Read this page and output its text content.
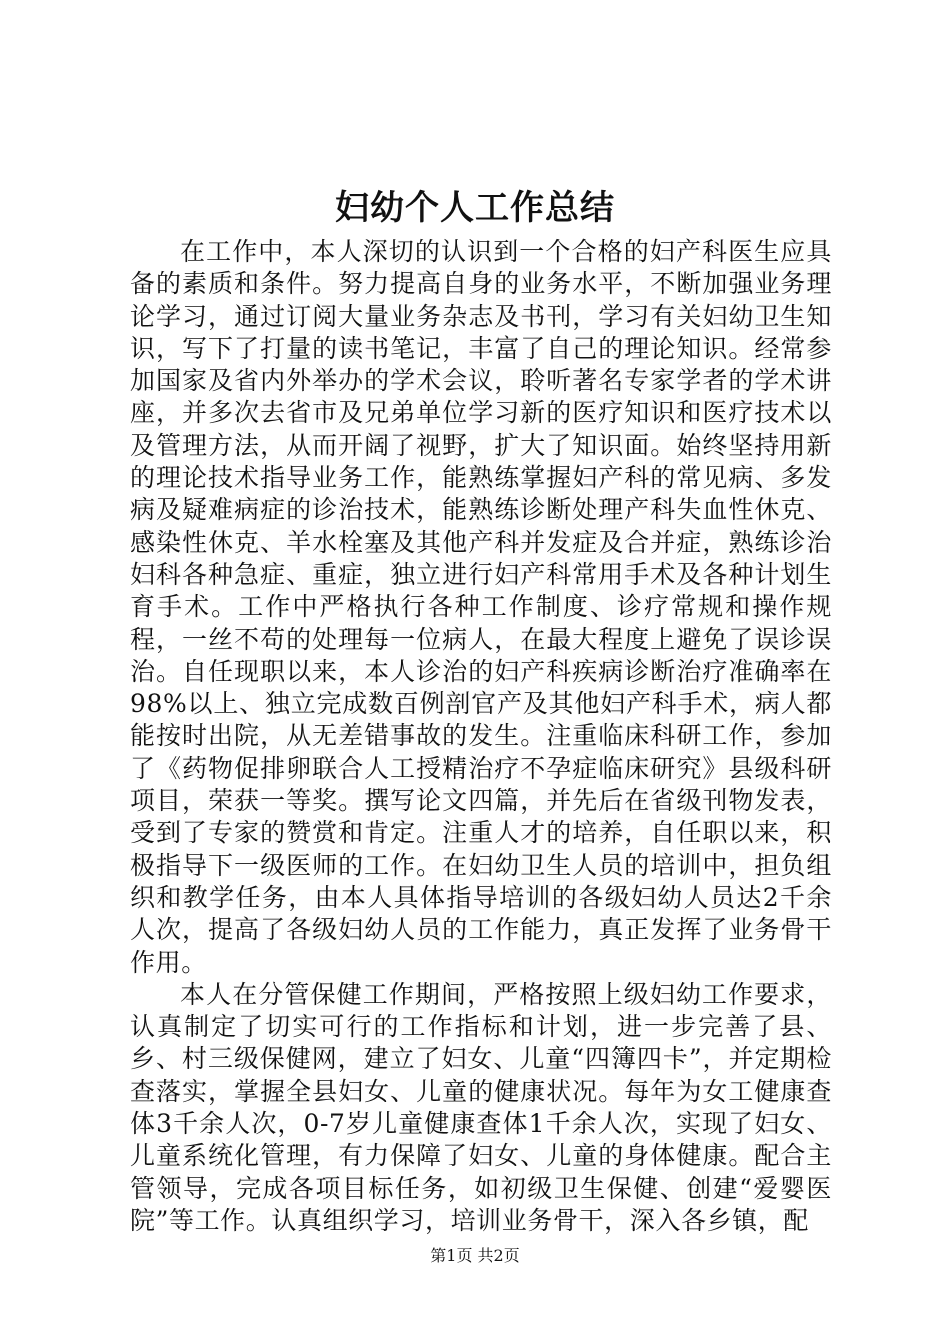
妇幼个人工作总结

在工作中，本人深切的认识到一个合格的妇产科医生应具备的素质和条件。努力提高自身的业务水平，不断加强业务理论学习，通过订阅大量业务杂志及书刊，学习有关妇幼卫生知识，写下了打量的读书笔记，丰富了自己的理论知识。经常参加国家及省内外举办的学术会议，聆听著名专家学者的学术讲座，并多次去省市及兄弟单位学习新的医疗知识和医疗技术以及管理方法，从而开阔了视野，扩大了知识面。始终坚持用新的理论技术指导业务工作，能熟练掌握妇产科的常见病、多发病及疑难病症的诊治技术，能熟练诊断处理产科失血性休克、感染性休克、羊水栓塞及其他产科并发症及合并症，熟练诊治妇科各种急症、重症，独立进行妇产科常用手术及各种计划生育手术。工作中严格执行各种工作制度、诊疗常规和操作规程，一丝不苟的处理每一位病人，在最大程度上避免了误诊误治。自任现职以来，本人诊治的妇产科疾病诊断治疗准确率在98%以上、独立完成数百例剖官产及其他妇产科手术，病人都能按时出院，从无差错事故的发生。注重临床科研工作，参加了《药物促排卵联合人工授精治疗不孕症临床研究》县级科研项目，荣获一等奖。撰写论文四篇，并先后在省级刊物发表，受到了专家的赞赏和肯定。注重人才的培养，自任职以来，积极指导下一级医师的工作。在妇幼卫生人员的培训中，担负组织和教学任务，由本人具体指导培训的各级妇幼人员达2千余人次，提高了各级妇幼人员的工作能力，真正发挥了业务骨干作用。

本人在分管保健工作期间，严格按照上级妇幼工作要求，认真制定了切实可行的工作指标和计划，进一步完善了县、乡、村三级保健网，建立了妇女、儿童“四簿四卡”，并定期检查落实，掌握全县妇女、儿童的健康状况。每年为女工健康查体3千余人次，0-7岁儿童健康查体1千余人次，实现了妇女、儿童系统化管理，有力保障了妇女、儿童的身体健康。配合主管领导，完成各项目标任务，如初级卫生保健、创建“爱婴医院”等工作。认真组织学习，培训业务骨干，深入各乡镇，配

第1页 共2页
